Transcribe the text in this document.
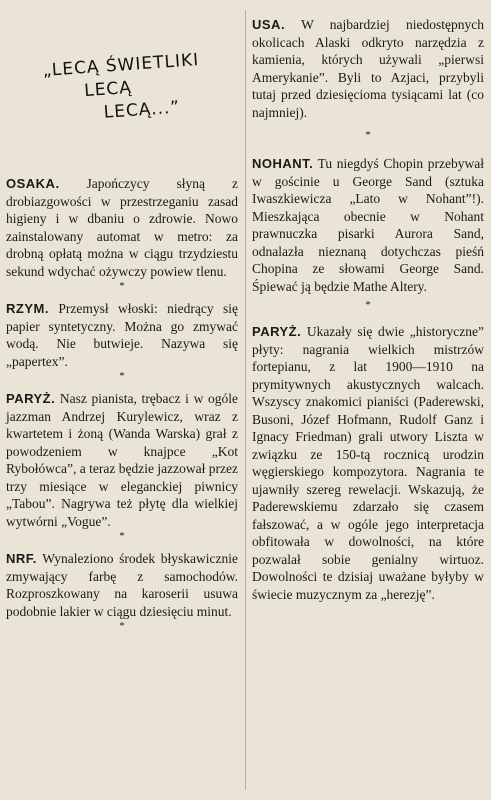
„LECĄ ŚWIETLIKI
LECĄ
LECĄ...”

OSAKA. Japończycy słyną z drobiazgowości w przestrzeganiu zasad higieny i w dbaniu o zdrowie. Nowo zainstalowany automat w metro: za drobną opłatą można w ciągu trzydziestu sekund wdychać ożywczy powiew tlenu.

*

RZYM. Przemysł włoski: niedrący się papier syntetyczny. Można go zmywać wodą. Nie butwieje. Nazywa się „papertex”.

*

PARYŻ. Nasz pianista, trębacz i w ogóle jazzman Andrzej Kurylewicz, wraz z kwartetem i żoną (Wanda Warska) grał z powodzeniem w knajpce „Kot Rybołówca”, a teraz będzie jazzował przez trzy miesiące w eleganckiej piwnicy „Tabou”. Nagrywa też płytę dla wielkiej wytwórni „Vogue”.

*

NRF. Wynaleziono środek błyskawicznie zmywający farbę z samochodów. Rozproszkowany na karoserii usuwa podobnie lakier w ciągu dziesięciu minut.

*

USA. W najbardziej niedostępnych okolicach Alaski odkryto narzędzia z kamienia, których używali „pierwsi Amerykanie”. Byli to Azjaci, przybyli tutaj przed dziesięcioma tysiącami lat (co najmniej).

*

NOHANT. Tu niegdyś Chopin przebywał w gościnie u George Sand (sztuka Iwaszkiewicza „Lato w Nohant”!). Mieszkająca obecnie w Nohant prawnuczka pisarki Aurora Sand, odnalazła nieznaną dotychczas pieśń Chopina ze słowami George Sand. Śpiewać ją będzie Mathe Altery.

*

PARYŻ. Ukazały się dwie „historyczne” płyty: nagrania wielkich mistrzów fortepianu, z lat 1900—1910 na prymitywnych akustycznych walcach. Wszyscy znakomici pianiści (Paderewski, Busoni, Józef Hofmann, Rudolf Ganz i Ignacy Friedman) grali utwory Liszta w związku ze 150-tą rocznicą urodzin węgierskiego kompozytora. Nagrania te ujawniły szereg rewelacji. Wskazują, że Paderewskiemu zdarzało się czasem fałszować, a w ogóle jego interpretacja obfitowała w dowolności, na które pozwalał sobie genialny wirtuoz. Dowolności te dzisiaj uważane byłyby w świecie muzycznym za „herezję”.
